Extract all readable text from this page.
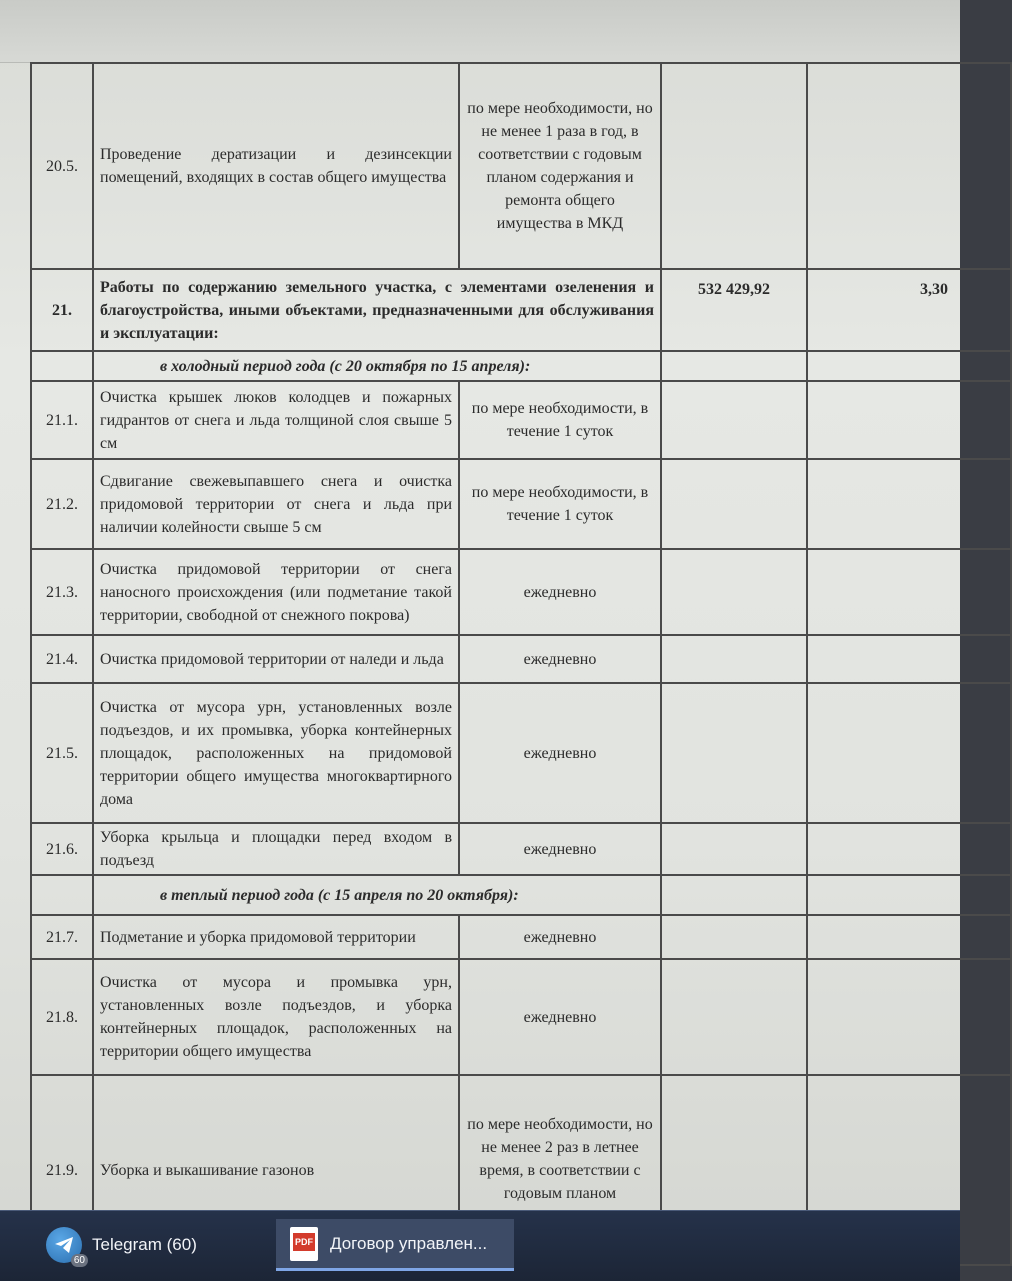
20.5.	Проведение дератизации и дезинсекции помещений, входящих в состав общего имущества	по мере необходимости, но не менее 1 раза в год, в соответствии с годовым планом содержания и ремонта общего имущества в МКД		
21.	Работы по содержанию земельного участка, с элементами озеленения и благоустройства, иными объектами, предназначенными для обслуживания и эксплуатации:		532 429,92	3,30
	в холодный период года (с 20 октября по 15 апреля):			
21.1.	Очистка крышек люков колодцев и пожарных гидрантов от снега и льда толщиной слоя свыше 5 см	по мере необходимости, в течение 1 суток		
21.2.	Сдвигание свежевыпавшего снега и очистка придомовой территории от снега и льда при наличии колейности свыше 5 см	по мере необходимости, в течение 1 суток		
21.3.	Очистка придомовой территории от снега наносного происхождения (или подметание такой территории, свободной от снежного покрова)	ежедневно		
21.4.	Очистка придомовой территории от наледи и льда	ежедневно		
21.5.	Очистка от мусора урн, установленных возле подъездов, и их промывка, уборка контейнерных площадок, расположенных на придомовой территории общего имущества многоквартирного дома	ежедневно		
21.6.	Уборка крыльца и площадки перед входом в подъезд	ежедневно		
	в теплый период года (с 15 апреля по 20 октября):			
21.7.	Подметание и уборка придомовой территории	ежедневно		
21.8.	Очистка от мусора и промывка урн, установленных возле подъездов, и уборка контейнерных площадок, расположенных на территории общего имущества	ежедневно		
21.9.	Уборка и выкашивание газонов	по мере необходимости, но не менее 2 раз в летнее время, в соответствии с годовым планом		
60
Telegram (60)	PDF Договор управлен...
